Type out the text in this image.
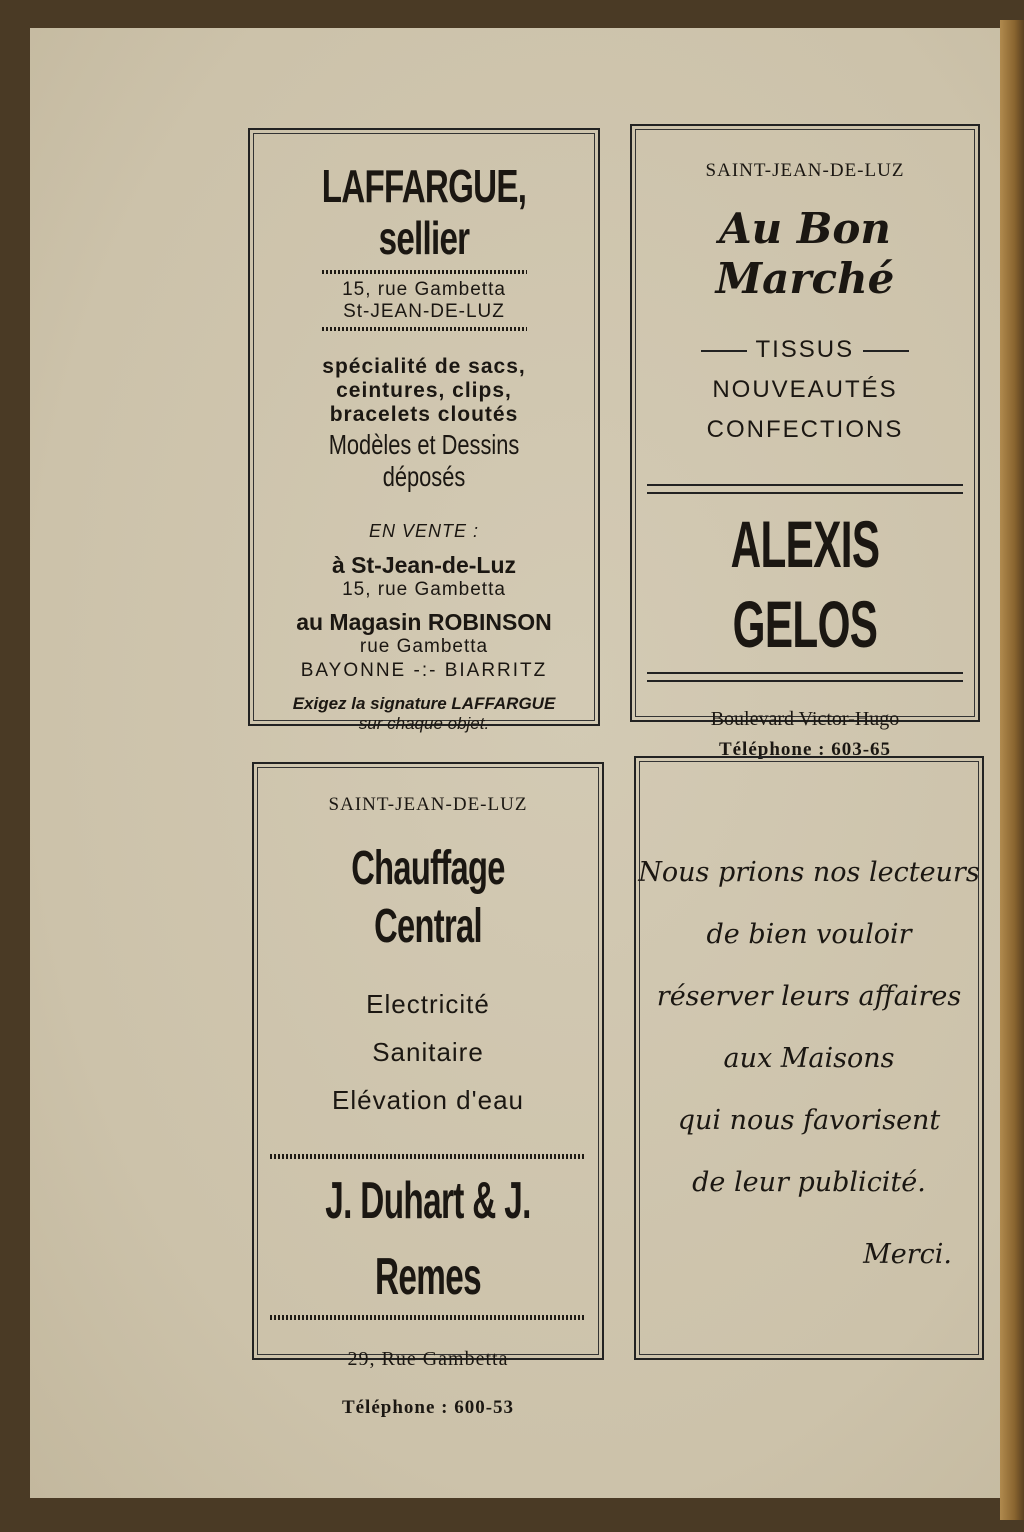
LAFFARGUE, sellier
15, rue Gambetta
St-JEAN-DE-LUZ
spécialité de sacs,
ceintures, clips,
bracelets cloutés
Modèles et Dessins déposés
EN VENTE :
à St-Jean-de-Luz
15, rue Gambetta
au Magasin ROBINSON
rue Gambetta
BAYONNE -:- BIARRITZ
Exigez la signature LAFFARGUE
sur chaque objet.
SAINT-JEAN-DE-LUZ
Au Bon Marché
TISSUS
NOUVEAUTÉS
CONFECTIONS
ALEXIS GELOS
Boulevard Victor-Hugo
Téléphone : 603-65
SAINT-JEAN-DE-LUZ
Chauffage Central
Electricité
Sanitaire
Elévation d'eau
J. Duhart & J. Remes
29, Rue Gambetta
Téléphone : 600-53
Nous prions nos lecteurs
de bien vouloir
réserver leurs affaires
aux Maisons
qui nous favorisent
de leur publicité.
Merci.
